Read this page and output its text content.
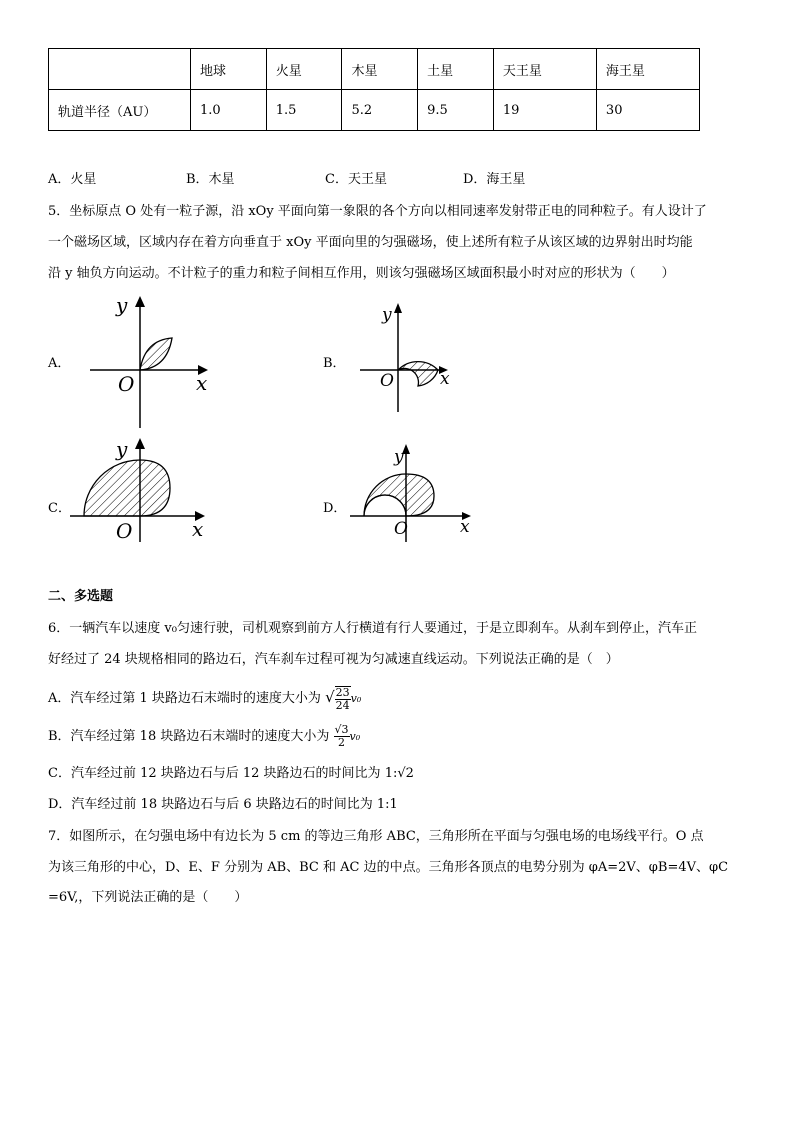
	地球	火星	木星	土星	天王星	海王星
轨道半径（AU）	1.0	1.5	5.2	9.5	19	30
A．火星	B．木星	C．天王星	D．海王星
5．坐标原点 O 处有一粒子源，沿 xOy 平面向第一象限的各个方向以相同速率发射带正电的同种粒子。有人设计了
一个磁场区域，区域内存在着方向垂直于 xOy 平面向里的匀强磁场，使上述所有粒子从该区域的边界射出时均能
沿 y 轴负方向运动。不计粒子的重力和粒子间相互作用，则该匀强磁场区域面积最小时对应的形状为（　　）
A．	B．
C．	D．
y
x
O
y
x
O
y
x
O
y
x
O
二、多选题
6．一辆汽车以速度 v₀匀速行驶，司机观察到前方人行横道有行人要通过，于是立即刹车。从刹车到停止，汽车正
好经过了 24 块规格相同的路边石，汽车刹车过程可视为匀减速直线运动。下列说法正确的是（　）
A．汽车经过第 1 块路边石末端时的速度大小为 √ $\frac{23}{24} v_0$
B．汽车经过第 18 块路边石末端时的速度大小为 $\frac{√3}{2} v_0$
C．汽车经过前 12 块路边石与后 12 块路边石的时间比为 1:√2
D．汽车经过前 18 块路边石与后 6 块路边石的时间比为 1:1
7．如图所示，在匀强电场中有边长为 5 cm 的等边三角形 ABC，三角形所在平面与匀强电场的电场线平行。O 点
为该三角形的中心，D、E、F 分别为 AB、BC 和 AC 边的中点。三角形各顶点的电势分别为 φA=2V、φB=4V、φC
=6V,，下列说法正确的是（　　）
